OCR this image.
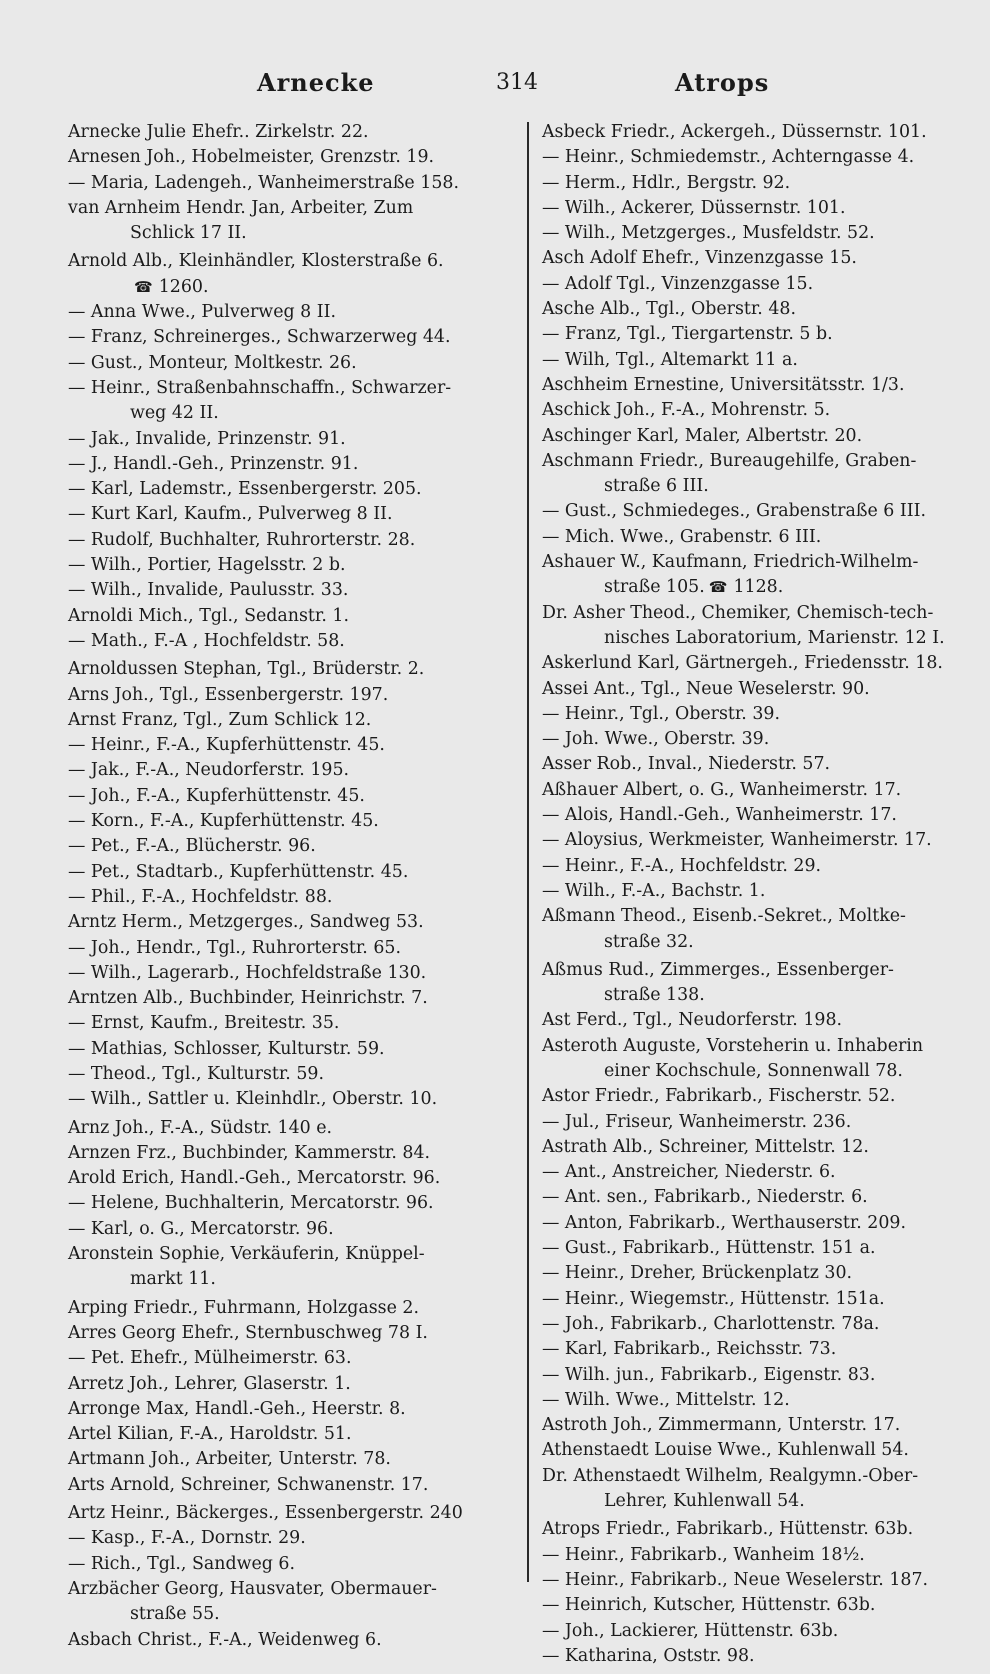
Arnecke	314	Atrops
Arnecke Julie Ehefr.. Zirkelstr. 22.
Arnesen Joh., Hobelmeister, Grenzstr. 19.
— Maria, Ladengeh., Wanheimerstraße 158.
van Arnheim Hendr. Jan, Arbeiter, Zum
Schlick 17 II.
Arnold Alb., Kleinhändler, Klosterstraße 6.
☎ 1260.
— Anna Wwe., Pulverweg 8 II.
— Franz, Schreinerges., Schwarzerweg 44.
— Gust., Monteur, Moltkestr. 26.
— Heinr., Straßenbahnschaffn., Schwarzer-
weg 42 II.
— Jak., Invalide, Prinzenstr. 91.
— J., Handl.-Geh., Prinzenstr. 91.
— Karl, Lademstr., Essenbergerstr. 205.
— Kurt Karl, Kaufm., Pulverweg 8 II.
— Rudolf, Buchhalter, Ruhrorterstr. 28.
— Wilh., Portier, Hagelsstr. 2 b.
— Wilh., Invalide, Paulusstr. 33.
Arnoldi Mich., Tgl., Sedanstr. 1.
— Math., F.-A , Hochfeldstr. 58.
Arnoldussen Stephan, Tgl., Brüderstr. 2.
Arns Joh., Tgl., Essenbergerstr. 197.
Arnst Franz, Tgl., Zum Schlick 12.
— Heinr., F.-A., Kupferhüttenstr. 45.
— Jak., F.-A., Neudorferstr. 195.
— Joh., F.-A., Kupferhüttenstr. 45.
— Korn., F.-A., Kupferhüttenstr. 45.
— Pet., F.-A., Blücherstr. 96.
— Pet., Stadtarb., Kupferhüttenstr. 45.
— Phil., F.-A., Hochfeldstr. 88.
Arntz Herm., Metzgerges., Sandweg 53.
— Joh., Hendr., Tgl., Ruhrorterstr. 65.
— Wilh., Lagerarb., Hochfeldstraße 130.
Arntzen Alb., Buchbinder, Heinrichstr. 7.
— Ernst, Kaufm., Breitestr. 35.
— Mathias, Schlosser, Kulturstr. 59.
— Theod., Tgl., Kulturstr. 59.
— Wilh., Sattler u. Kleinhdlr., Oberstr. 10.
Arnz Joh., F.-A., Südstr. 140 e.
Arnzen Frz., Buchbinder, Kammerstr. 84.
Arold Erich, Handl.-Geh., Mercatorstr. 96.
— Helene, Buchhalterin, Mercatorstr. 96.
— Karl, o. G., Mercatorstr. 96.
Aronstein Sophie, Verkäuferin, Knüppel-
markt 11.
Arping Friedr., Fuhrmann, Holzgasse 2.
Arres Georg Ehefr., Sternbuschweg 78 I.
— Pet. Ehefr., Mülheimerstr. 63.
Arretz Joh., Lehrer, Glaserstr. 1.
Arronge Max, Handl.-Geh., Heerstr. 8.
Artel Kilian, F.-A., Haroldstr. 51.
Artmann Joh., Arbeiter, Unterstr. 78.
Arts Arnold, Schreiner, Schwanenstr. 17.
Artz Heinr., Bäckerges., Essenbergerstr. 240
— Kasp., F.-A., Dornstr. 29.
— Rich., Tgl., Sandweg 6.
Arzbächer Georg, Hausvater, Obermauer-
straße 55.
Asbach Christ., F.-A., Weidenweg 6.
Asbeck Friedr., Ackergeh., Düssernstr. 101.
— Heinr., Schmiedemstr., Achterngasse 4.
— Herm., Hdlr., Bergstr. 92.
— Wilh., Ackerer, Düssernstr. 101.
— Wilh., Metzgerges., Musfeldstr. 52.
Asch Adolf Ehefr., Vinzenzgasse 15.
— Adolf Tgl., Vinzenzgasse 15.
Asche Alb., Tgl., Oberstr. 48.
— Franz, Tgl., Tiergartenstr. 5 b.
— Wilh, Tgl., Altemarkt 11 a.
Aschheim Ernestine, Universitätsstr. 1/3.
Aschick Joh., F.-A., Mohrenstr. 5.
Aschinger Karl, Maler, Albertstr. 20.
Aschmann Friedr., Bureaugehilfe, Graben-
straße 6 III.
— Gust., Schmiedeges., Grabenstraße 6 III.
— Mich. Wwe., Grabenstr. 6 III.
Ashauer W., Kaufmann, Friedrich-Wilhelm-
straße 105. ☎ 1128.
Dr. Asher Theod., Chemiker, Chemisch-tech-
nisches Laboratorium, Marienstr. 12 I.
Askerlund Karl, Gärtnergeh., Friedensstr. 18.
Assei Ant., Tgl., Neue Weselerstr. 90.
— Heinr., Tgl., Oberstr. 39.
— Joh. Wwe., Oberstr. 39.
Asser Rob., Inval., Niederstr. 57.
Aßhauer Albert, o. G., Wanheimerstr. 17.
— Alois, Handl.-Geh., Wanheimerstr. 17.
— Aloysius, Werkmeister, Wanheimerstr. 17.
— Heinr., F.-A., Hochfeldstr. 29.
— Wilh., F.-A., Bachstr. 1.
Aßmann Theod., Eisenb.-Sekret., Moltke-
straße 32.
Aßmus Rud., Zimmerges., Essenberger-
straße 138.
Ast Ferd., Tgl., Neudorferstr. 198.
Asteroth Auguste, Vorsteherin u. Inhaberin
einer Kochschule, Sonnenwall 78.
Astor Friedr., Fabrikarb., Fischerstr. 52.
— Jul., Friseur, Wanheimerstr. 236.
Astrath Alb., Schreiner, Mittelstr. 12.
— Ant., Anstreicher, Niederstr. 6.
— Ant. sen., Fabrikarb., Niederstr. 6.
— Anton, Fabrikarb., Werthauserstr. 209.
— Gust., Fabrikarb., Hüttenstr. 151 a.
— Heinr., Dreher, Brückenplatz 30.
— Heinr., Wiegemstr., Hüttenstr. 151a.
— Joh., Fabrikarb., Charlottenstr. 78a.
— Karl, Fabrikarb., Reichsstr. 73.
— Wilh. jun., Fabrikarb., Eigenstr. 83.
— Wilh. Wwe., Mittelstr. 12.
Astroth Joh., Zimmermann, Unterstr. 17.
Athenstaedt Louise Wwe., Kuhlenwall 54.
Dr. Athenstaedt Wilhelm, Realgymn.-Ober-
Lehrer, Kuhlenwall 54.
Atrops Friedr., Fabrikarb., Hüttenstr. 63b.
— Heinr., Fabrikarb., Wanheim 18½.
— Heinr., Fabrikarb., Neue Weselerstr. 187.
— Heinrich, Kutscher, Hüttenstr. 63b.
— Joh., Lackierer, Hüttenstr. 63b.
— Katharina, Oststr. 98.
